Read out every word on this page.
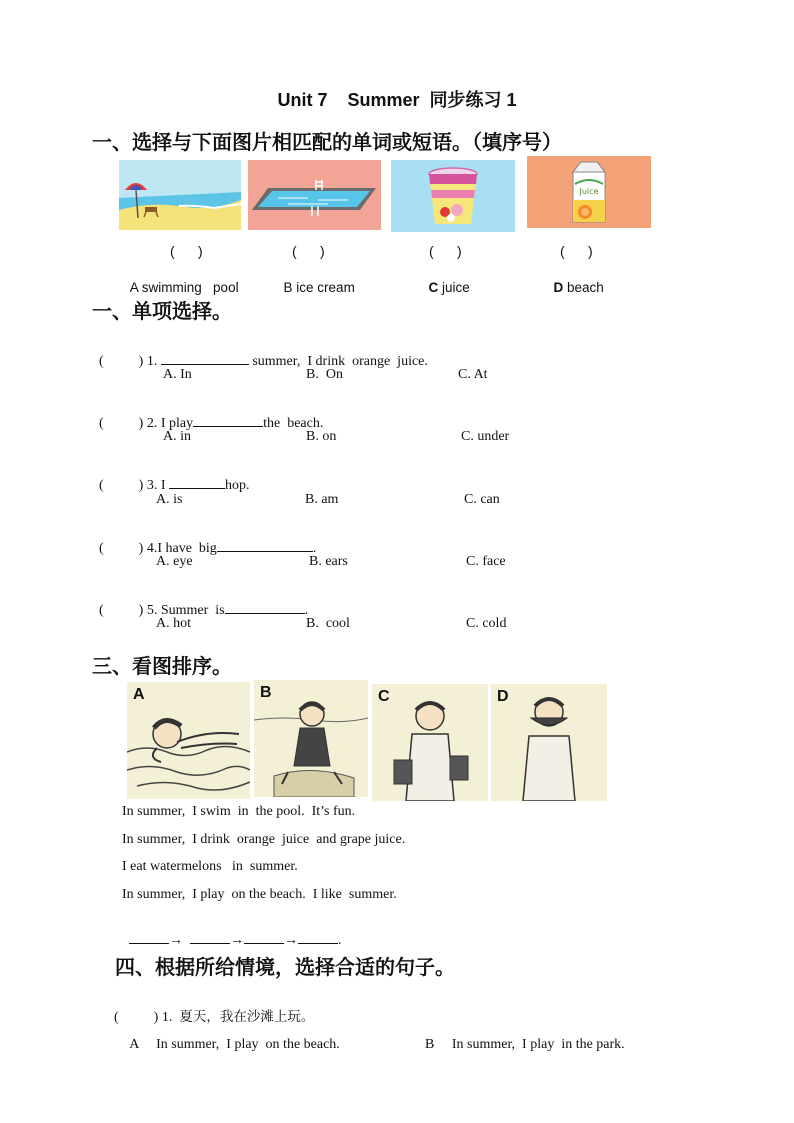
Unit 7 Summer 同步练习 1
一、选择与下面图片相匹配的单词或短语。（填序号）
Juice
(      )	(      )	(      )	(      )

A swimming   pool	B ice cream	C juice	D beach

一、单项选择。

(          ) 1.	summer,  I drink  orange  juice.

A. In	B.  On	C. At

(          ) 2. I play	the  beach.

A. in	B. on	C. under

(          ) 3. I	hop.

A. is	B. am	C. can

(          ) 4.I have  big	.

A. eye	B. ears	C. face

(          ) 5. Summer  is	.

A. hot	B.  cool	C. cold
三、看图排序。
A	B	C	D
In summer,  I swim  in  the pool.  It’s fun.
In summer,  I drink  orange  juice  and grape juice.
I eat watermelons   in  summer.
In summer,  I play  on the beach.  I like  summer.

→	→	→	.

四、根据所给情境，选择合适的句子。

(          ) 1. 夏天，我在沙滩上玩。

A In summer,  I play  on the beach.	B In summer,  I play  in the park.
